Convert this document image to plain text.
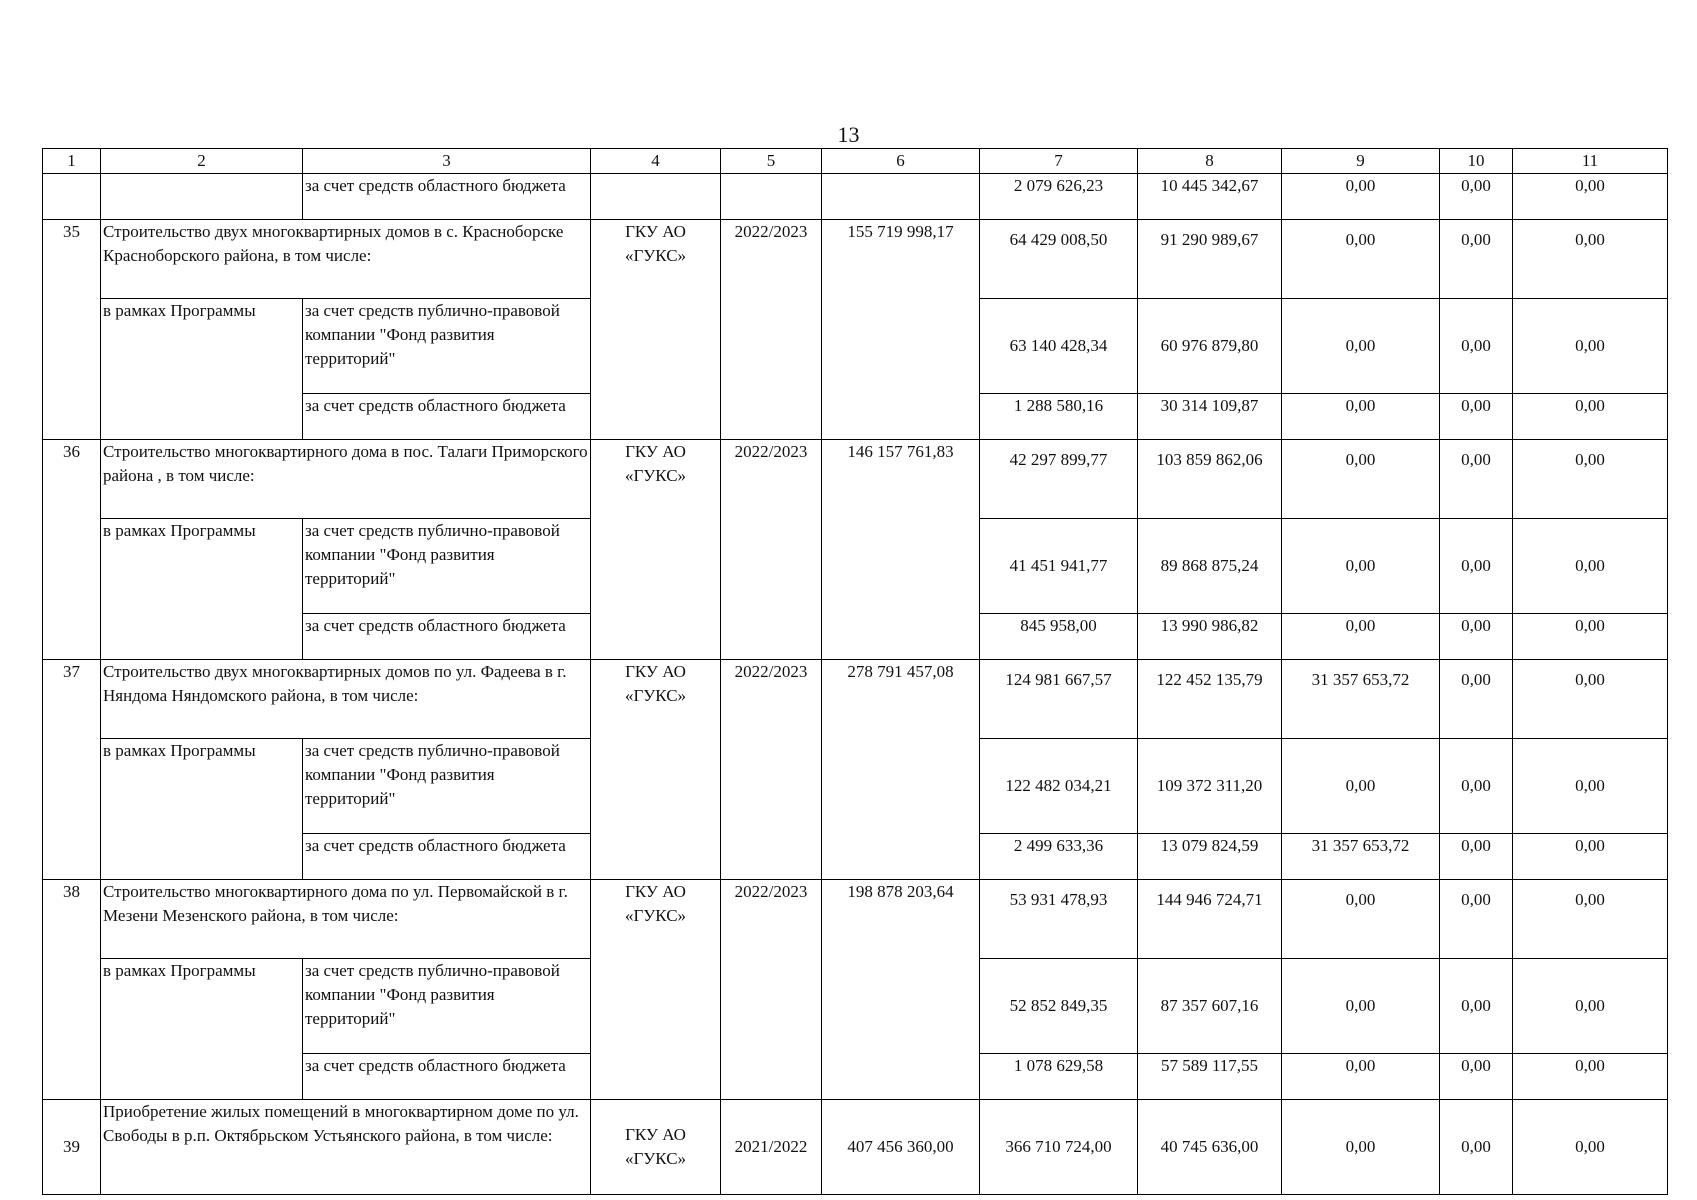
13
1	2	3	4	5	6	7	8	9	10	11
		за счет средств областного бюджета				2 079 626,23	10 445 342,67	0,00	0,00	0,00
35	Строительство двух многоквартирных домов в с. Красноборске Красноборского района, в том числе:		ГКУ АО «ГУКС»	2022/2023	155 719 998,17	64 429 008,50	91 290 989,67	0,00	0,00	0,00
	в рамках Программы	за счет средств публично-правовой компании "Фонд развития территорий"				63 140 428,34	60 976 879,80	0,00	0,00	0,00
		за счет средств областного бюджета				1 288 580,16	30 314 109,87	0,00	0,00	0,00
36	Строительство многоквартирного дома в пос. Талаги Приморского района , в том числе:		ГКУ АО «ГУКС»	2022/2023	146 157 761,83	42 297 899,77	103 859 862,06	0,00	0,00	0,00
	в рамках Программы	за счет средств публично-правовой компании "Фонд развития территорий"				41 451 941,77	89 868 875,24	0,00	0,00	0,00
		за счет средств областного бюджета				845 958,00	13 990 986,82	0,00	0,00	0,00
37	Строительство двух многоквартирных домов по ул. Фадеева в г. Няндома Няндомского района, в том числе:		ГКУ АО «ГУКС»	2022/2023	278 791 457,08	124 981 667,57	122 452 135,79	31 357 653,72	0,00	0,00
	в рамках Программы	за счет средств публично-правовой компании "Фонд развития территорий"				122 482 034,21	109 372 311,20	0,00	0,00	0,00
		за счет средств областного бюджета				2 499 633,36	13 079 824,59	31 357 653,72	0,00	0,00
38	Строительство многоквартирного дома по ул. Первомайской в г. Мезени Мезенского района, в том числе:		ГКУ АО «ГУКС»	2022/2023	198 878 203,64	53 931 478,93	144 946 724,71	0,00	0,00	0,00
	в рамках Программы	за счет средств публично-правовой компании "Фонд развития территорий"				52 852 849,35	87 357 607,16	0,00	0,00	0,00
		за счет средств областного бюджета				1 078 629,58	57 589 117,55	0,00	0,00	0,00
39	Приобретение жилых помещений в многоквартирном доме по ул. Свободы в р.п. Октябрьском Устьянского района, в том числе:		ГКУ АО «ГУКС»	2021/2022	407 456 360,00	366 710 724,00	40 745 636,00	0,00	0,00	0,00
